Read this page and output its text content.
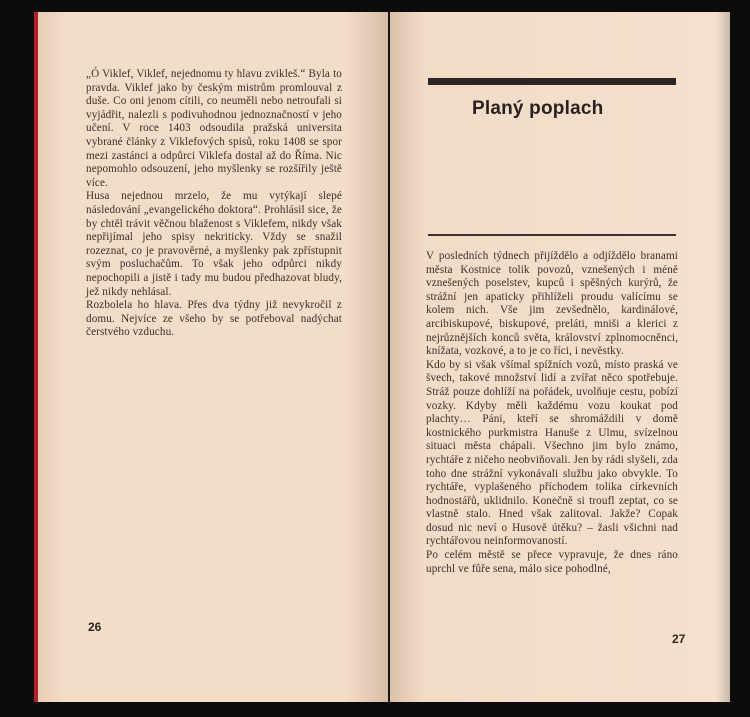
„Ó Viklef, Viklef, nejednomu ty hlavu zvikleš.“ Byla to pravda. Viklef jako by českým mistrům promlouval z duše. Co oni jenom cítili, co neuměli nebo netroufali si vyjádřit, nalezli s podivuhodnou jednoznačností v jeho učení. V roce 1403 odsoudila pražská universita vybrané články z Viklefových spisů, roku 1408 se spor mezi zastánci a odpůrci Viklefa dostal až do Říma. Nic nepomohlo odsouzení, jeho myšlenky se rozšířily ještě více.

Husa nejednou mrzelo, že mu vytýkají slepé následování „evangelického doktora“. Prohlásil sice, že by chtěl trávit věčnou blaženost s Viklefem, nikdy však nepřijímal jeho spisy nekriticky. Vždy se snažil rozeznat, co je pravověrné, a myšlenky pak zpřístupnit svým posluchačům. To však jeho odpůrci nikdy nepochopili a jistě i tady mu budou předhazovat bludy, jež nikdy nehlásal.

Rozbolela ho hlava. Přes dva týdny již nevykročil z domu. Nejvíce ze všeho by se potřeboval nadýchat čerstvého vzduchu.

26
Planý poplach

V posledních týdnech přijíždělo a odjíždělo branami města Kostnice tolik povozů, vznešených i méně vznešených poselstev, kupců i spěšných kurýrů, že strážní jen apaticky přihlíželi proudu valícímu se kolem nich. Vše jim zevšednělo, kardinálové, arcibiskupové, biskupové, preláti, mniši a klerici z nejrůznějších konců světa, království zplnomocněnci, knížata, vozkové, a to je co říci, i nevěstky.

Kdo by si však všímal spížních vozů, místo praská ve švech, takové množství lidí a zvířat něco spotřebuje. Stráž pouze dohlíží na pořádek, uvolňuje cestu, pobízí vozky. Kdyby měli každému vozu koukat pod plachty… Páni, kteří se shromáždili v domě kostnického purkmistra Hanuše z Ulmu, svízelnou situaci města chápali. Všechno jim bylo známo, rychtáře z ničeho neobviňovali. Jen by rádi slyšeli, zda toho dne strážní vykonávali službu jako obvykle. To rychtáře, vyplašeného příchodem tolika církevních hodnostářů, uklidnilo. Konečně si troufl zeptat, co se vlastně stalo. Hned však zalitoval. Jakže? Copak dosud nic neví o Husově útěku? – žasli všichni nad rychtářovou neinformovaností.

Po celém městě se přece vypravuje, že dnes ráno uprchl ve fůře sena, málo sice pohodlné,

27
